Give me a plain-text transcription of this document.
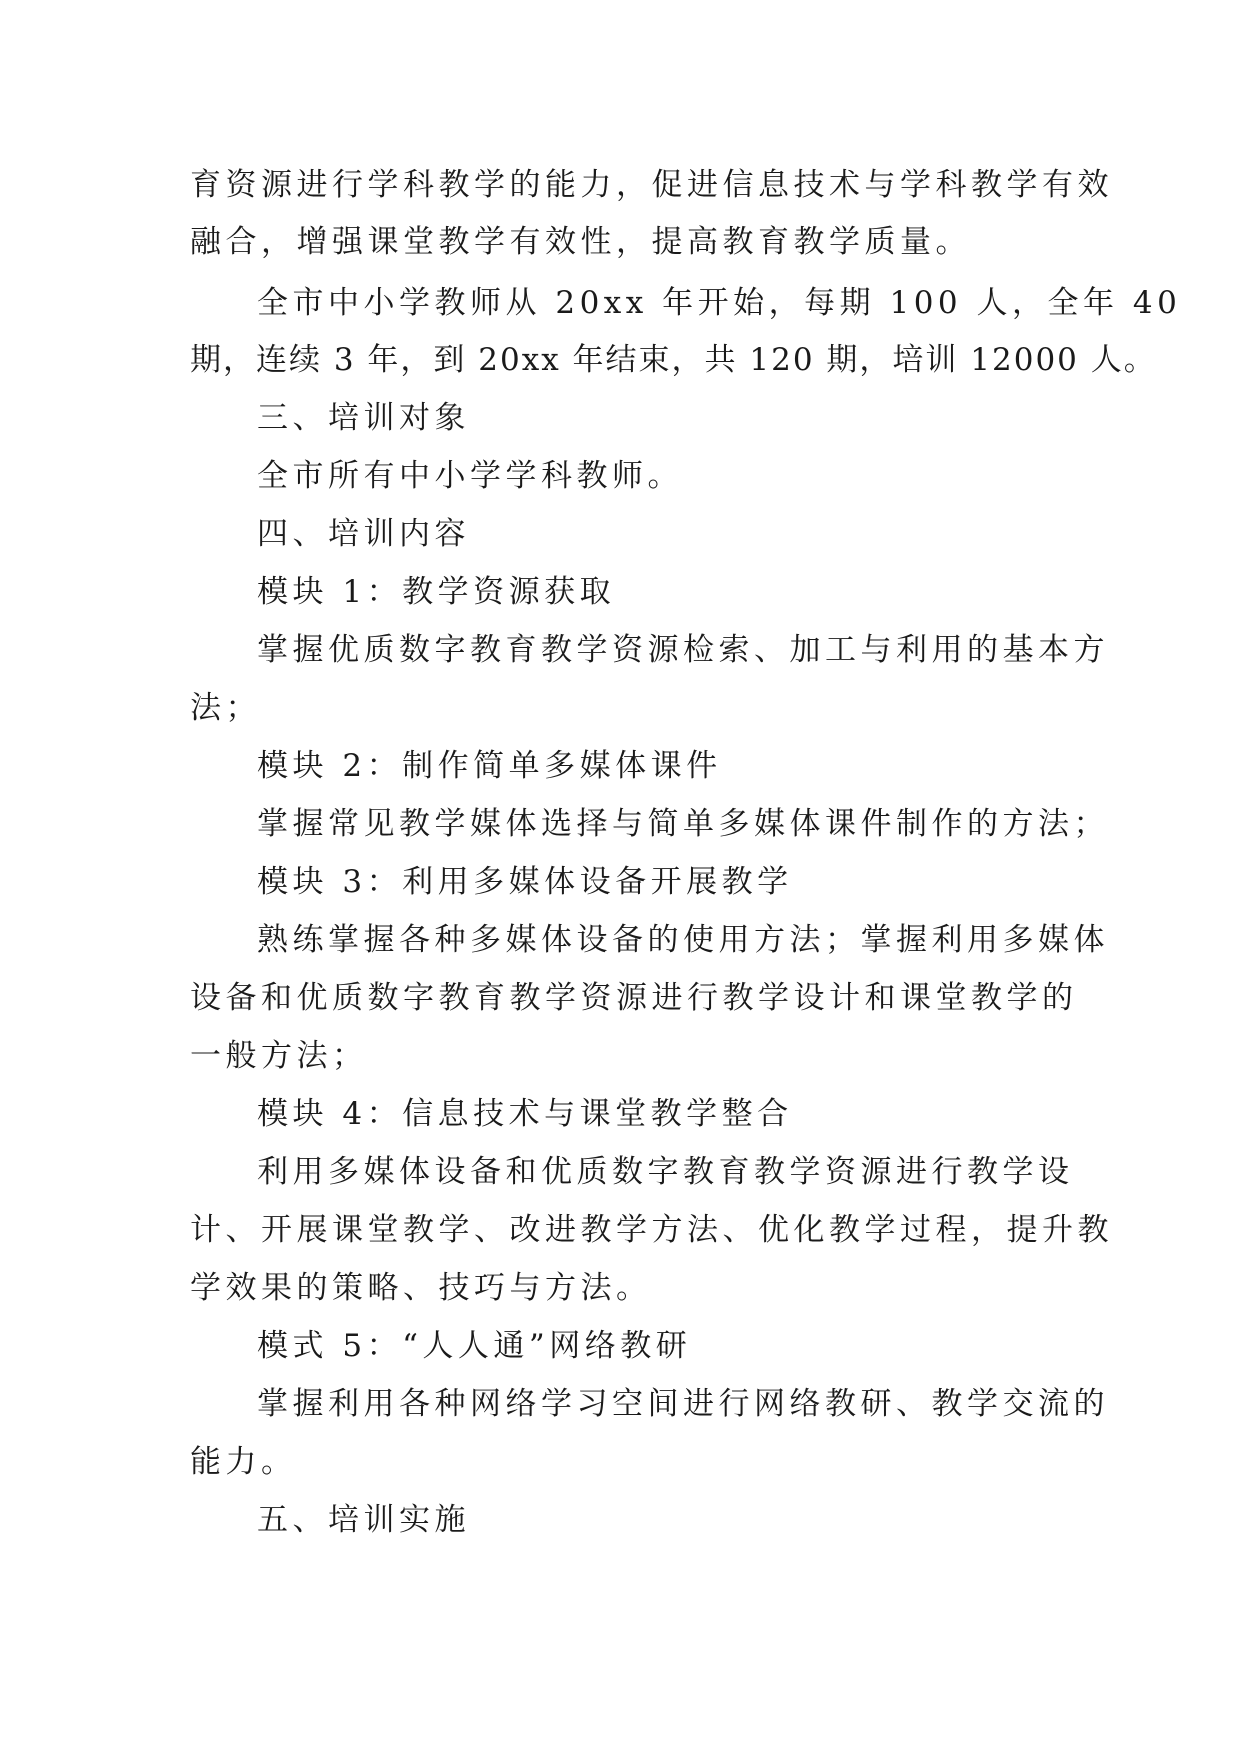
育资源进行学科教学的能力，促进信息技术与学科教学有效
融合，增强课堂教学有效性，提高教育教学质量。
全市中小学教师从 20xx 年开始，每期 100 人，全年 40
期，连续 3 年，到 20xx 年结束，共 120 期，培训 12000 人。
三、培训对象
全市所有中小学学科教师。
四、培训内容
模块 1：教学资源获取
掌握优质数字教育教学资源检索、加工与利用的基本方
法；
模块 2：制作简单多媒体课件
掌握常见教学媒体选择与简单多媒体课件制作的方法；
模块 3：利用多媒体设备开展教学
熟练掌握各种多媒体设备的使用方法；掌握利用多媒体
设备和优质数字教育教学资源进行教学设计和课堂教学的
一般方法；
模块 4：信息技术与课堂教学整合
利用多媒体设备和优质数字教育教学资源进行教学设
计、开展课堂教学、改进教学方法、优化教学过程，提升教
学效果的策略、技巧与方法。
模式 5：“人人通”网络教研
掌握利用各种网络学习空间进行网络教研、教学交流的
能力。
五、培训实施
